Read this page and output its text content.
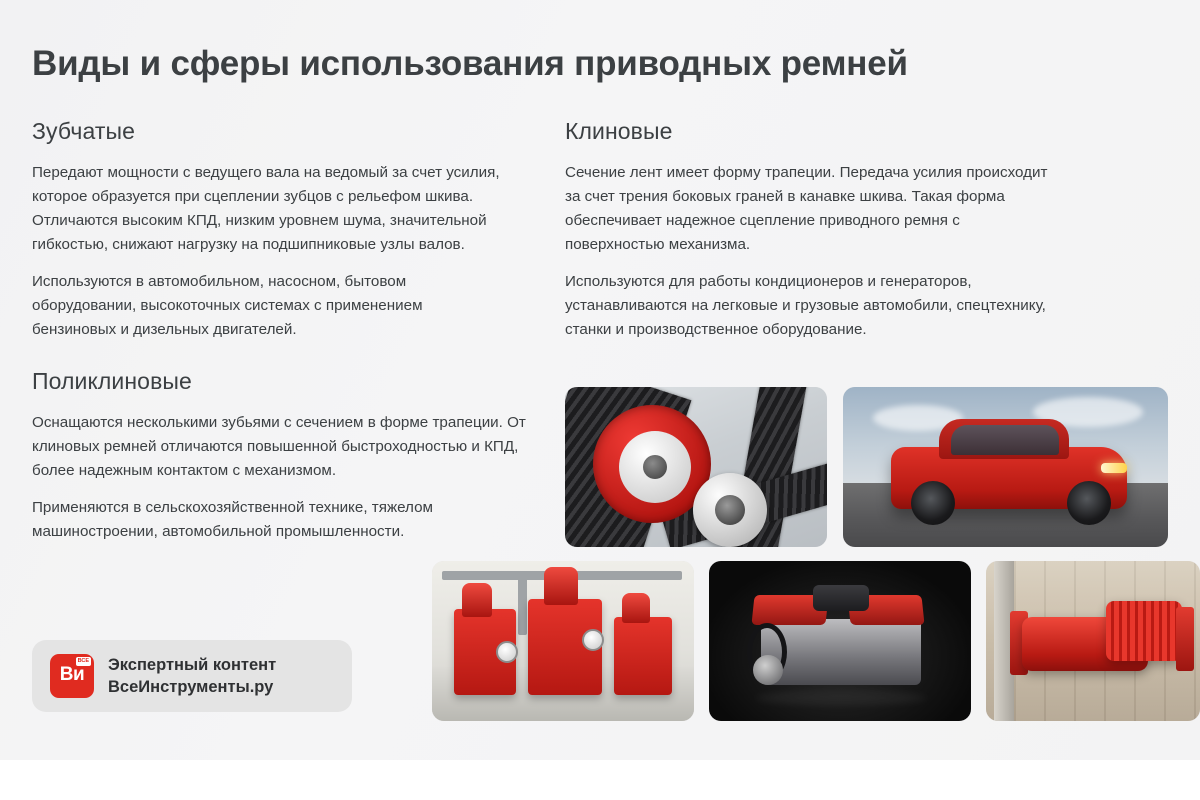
Виды и сферы использования приводных ремней
Зубчатые

Передают мощности с ведущего вала на ведомый за счет усилия, которое образуется при сцеплении зубцов с рельефом шкива. Отличаются высоким КПД, низким уровнем шума, значительной гибкостью, снижают нагрузку на подшипниковые узлы валов.

Используются в автомобильном, насосном, бытовом оборудовании, высокоточных системах с применением бензиновых и дизельных двигателей.

Клиновые

Сечение лент имеет форму трапеции. Передача усилия происходит за счет трения боковых граней в канавке шкива. Такая форма обеспечивает надежное сцепление приводного ремня с поверхностью механизма.

Используются для работы кондиционеров и генераторов, устанавливаются на легковые и грузовые автомобили, спецтехнику, станки и производственное оборудование.

Поликлиновые

Оснащаются несколькими зубьями с сечением в форме трапеции. От клиновых ремней отличаются повышенной быстроходностью и КПД, более надежным контактом с механизмом.

Применяются в сельскохозяйственной технике, тяжелом машиностроении, автомобильной промышленности.

ВСЕ
Ви	Экспертный контент
ВсеИнструменты.ру
